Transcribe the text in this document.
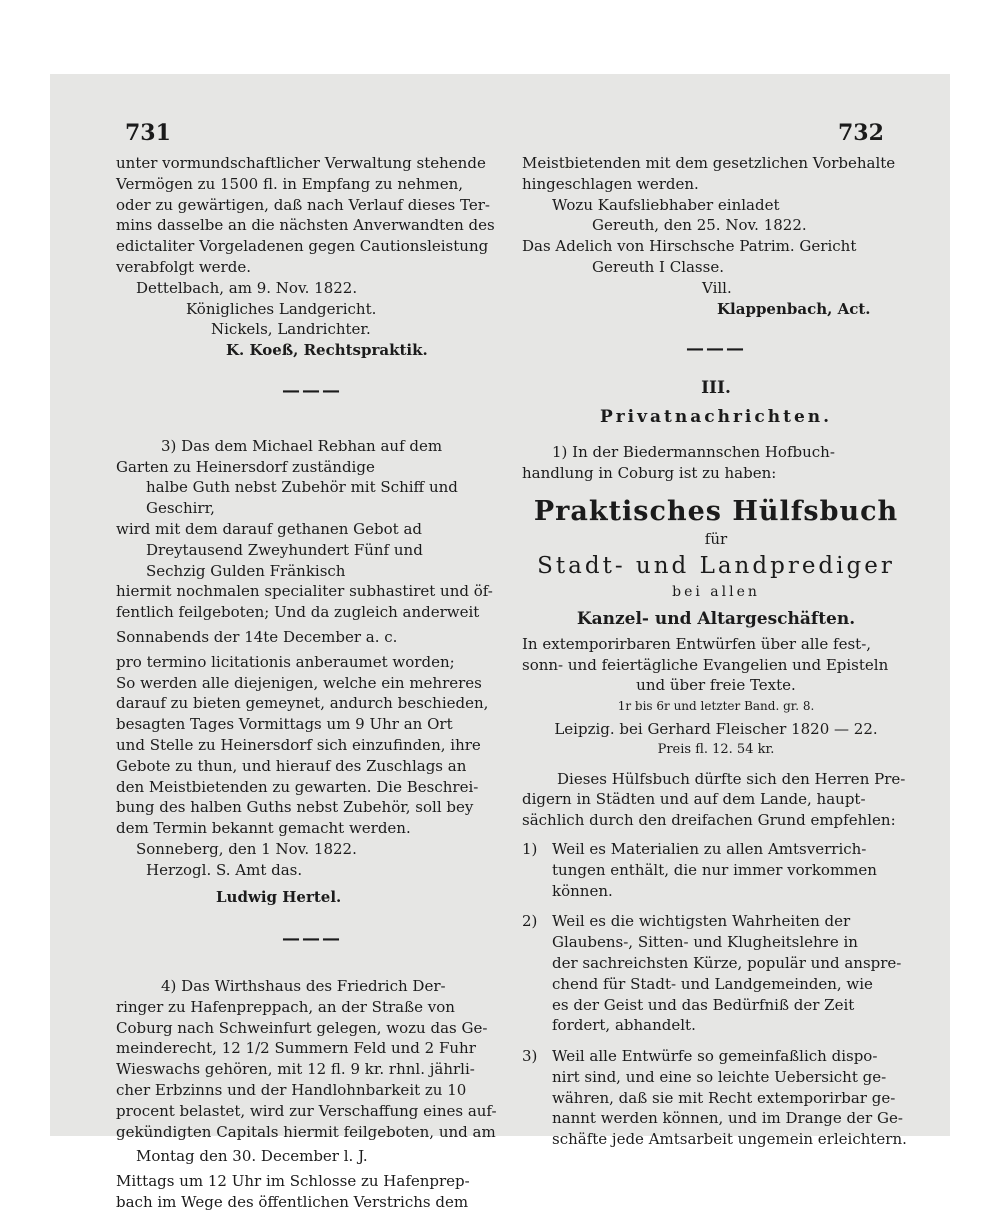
731	732

unter vormundschaftlicher Verwaltung stehende

Vermögen zu 1500 fl. in Empfang zu nehmen,

oder zu gewärtigen, daß nach Verlauf dieses Ter-

mins dasselbe an die nächsten Anverwandten des

edictaliter Vorgeladenen gegen Cautionsleistung

verabfolgt werde.

Dettelbach, am 9. Nov. 1822.

Königliches Landgericht.

Nickels, Landrichter.

K. Koeß, Rechtspraktik.

———

3) Das dem Michael Rebhan auf dem

Garten zu Heinersdorf zuständige

halbe Guth nebst Zubehör mit Schiff und

Geschirr,

wird mit dem darauf gethanen Gebot ad

Dreytausend Zweyhundert Fünf und

Sechzig Gulden Fränkisch

hiermit nochmalen specialiter subhastiret und öf-

fentlich feilgeboten; Und da zugleich anderweit

Sonnabends der 14te December a. c.

pro termino licitationis anberaumet worden;

So werden alle diejenigen, welche ein mehreres

darauf zu bieten gemeynet, andurch beschieden,

besagten Tages Vormittags um 9 Uhr an Ort

und Stelle zu Heinersdorf sich einzufinden, ihre

Gebote zu thun, und hierauf des Zuschlags an

den Meistbietenden zu gewarten. Die Beschrei-

bung des halben Guths nebst Zubehör, soll bey

dem Termin bekannt gemacht werden.

Sonneberg, den 1 Nov. 1822.

Herzogl. S. Amt das.

Ludwig Hertel.

———

4) Das Wirthshaus des Friedrich Der-

ringer zu Hafenpreppach, an der Straße von

Coburg nach Schweinfurt gelegen, wozu das Ge-

meinderecht, 12 1/2 Summern Feld und 2 Fuhr

Wieswachs gehören, mit 12 fl. 9 kr. rhnl. jährli-

cher Erbzinns und der Handlohnbarkeit zu 10

procent belastet, wird zur Verschaffung eines auf-

gekündigten Capitals hiermit feilgeboten, und am

Montag den 30. December l. J.

Mittags um 12 Uhr im Schlosse zu Hafenprep-

bach im Wege des öffentlichen Verstrichs dem

Meistbietenden mit dem gesetzlichen Vorbehalte

hingeschlagen werden.

Wozu Kaufsliebhaber einladet

Gereuth, den 25. Nov. 1822.

Das Adelich von Hirschsche Patrim. Gericht

Gereuth I Classe.

Vill.

Klappenbach, Act.

———
III.
Privatnachrichten.

1) In der Biedermannschen Hofbuch-

handlung in Coburg ist zu haben:

Praktisches Hülfsbuch
für
Stadt- und Landprediger
bei allen
Kanzel- und Altargeschäften.

In extemporirbaren Entwürfen über alle fest-,

sonn- und feiertägliche Evangelien und Episteln

und über freie Texte.

1r bis 6r und letzter Band. gr. 8.

Leipzig. bei Gerhard Fleischer 1820 — 22.

Preis fl. 12. 54 kr.

Dieses Hülfsbuch dürfte sich den Herren Pre-

digern in Städten und auf dem Lande, haupt-

sächlich durch den dreifachen Grund empfehlen:

1) Weil es Materialien zu allen Amtsverrich-

tungen enthält, die nur immer vorkommen

können.

2) Weil es die wichtigsten Wahrheiten der

Glaubens-, Sitten- und Klugheitslehre in

der sachreichsten Kürze, populär und anspre-

chend für Stadt- und Landgemeinden, wie

es der Geist und das Bedürfniß der Zeit

fordert, abhandelt.

3) Weil alle Entwürfe so gemeinfaßlich dispo-

nirt sind, und eine so leichte Uebersicht ge-

währen, daß sie mit Recht extemporirbar ge-

nannt werden können, und im Drange der Ge-

schäfte jede Amtsarbeit ungemein erleichtern.
